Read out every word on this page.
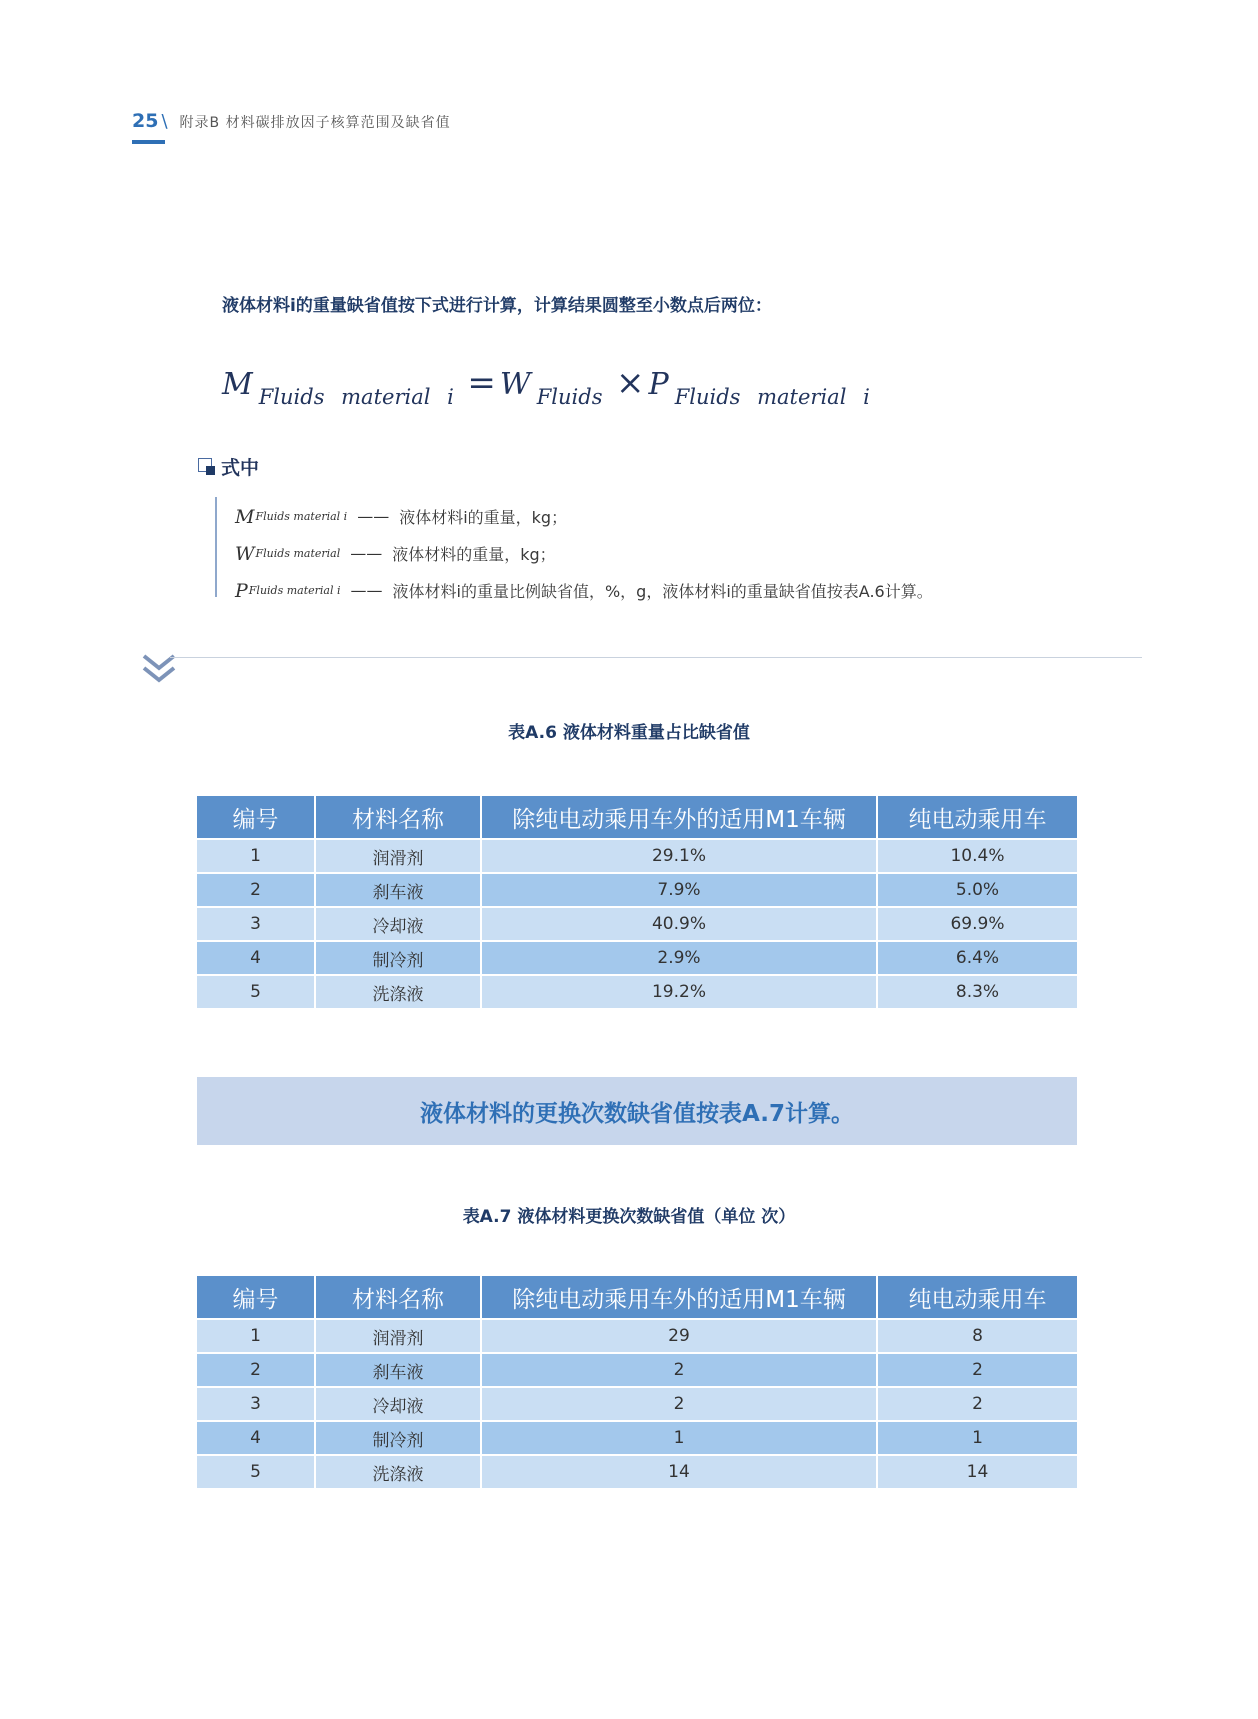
25 \ 附录B 材料碳排放因子核算范围及缺省值
液体材料i的重量缺省值按下式进行计算，计算结果圆整至小数点后两位：
M $_{Fluids material i}$ = W $_{Fluids}$ × P $_{Fluids material i}$
式中
M Fluids material i —— 液体材料i的重量，kg；
W Fluids material —— 液体材料的重量，kg；
P Fluids material i —— 液体材料i的重量比例缺省值，%，g，液体材料i的重量缺省值按表A.6计算。
表A.6 液体材料重量占比缺省值
编号	材料名称	除纯电动乘用车外的适用M1车辆	纯电动乘用车
1	润滑剂	29.1%	10.4%
2	刹车液	7.9%	5.0%
3	冷却液	40.9%	69.9%
4	制冷剂	2.9%	6.4%
5	洗涤液	19.2%	8.3%
液体材料的更换次数缺省值按表A.7计算。
表A.7 液体材料更换次数缺省值（单位 次）
编号	材料名称	除纯电动乘用车外的适用M1车辆	纯电动乘用车
1	润滑剂	29	8
2	刹车液	2	2
3	冷却液	2	2
4	制冷剂	1	1
5	洗涤液	14	14
